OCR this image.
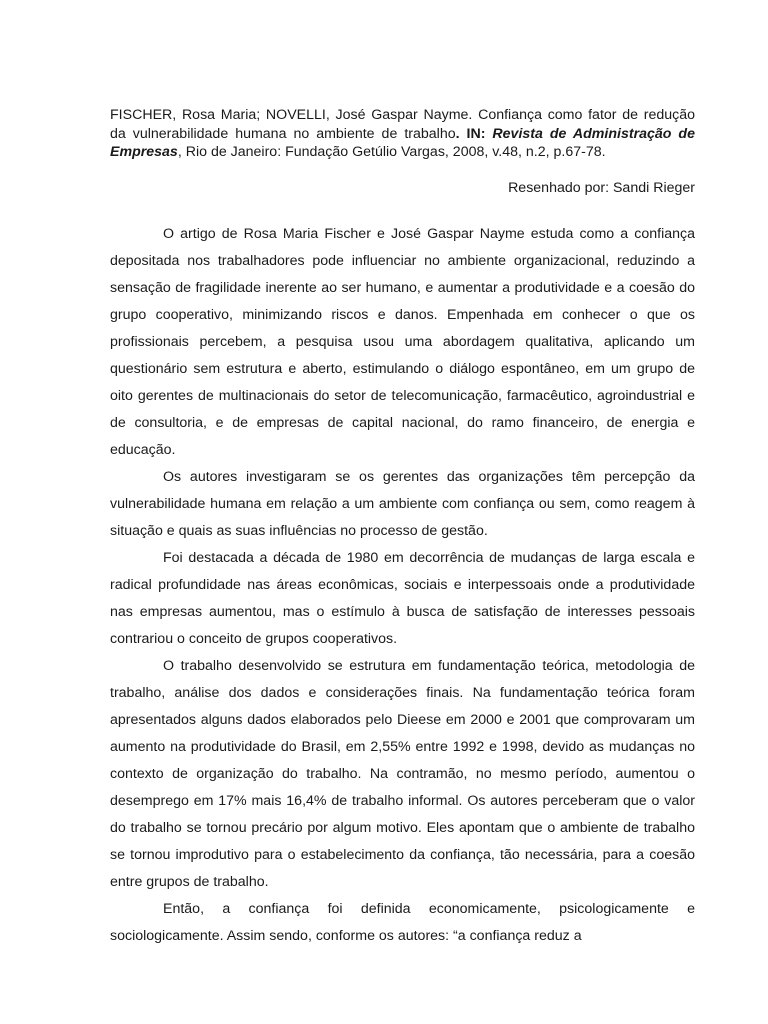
FISCHER, Rosa Maria; NOVELLI, José Gaspar Nayme. Confiança como fator de redução da vulnerabilidade humana no ambiente de trabalho. IN: Revista de Administração de Empresas, Rio de Janeiro: Fundação Getúlio Vargas, 2008, v.48, n.2, p.67-78.

Resenhado por: Sandi Rieger

O artigo de Rosa Maria Fischer e José Gaspar Nayme estuda como a confiança depositada nos trabalhadores pode influenciar no ambiente organizacional, reduzindo a sensação de fragilidade inerente ao ser humano, e aumentar a produtividade e a coesão do grupo cooperativo, minimizando riscos e danos. Empenhada em conhecer o que os profissionais percebem, a pesquisa usou uma abordagem qualitativa, aplicando um questionário sem estrutura e aberto, estimulando o diálogo espontâneo, em um grupo de oito gerentes de multinacionais do setor de telecomunicação, farmacêutico, agroindustrial e de consultoria, e de empresas de capital nacional, do ramo financeiro, de energia e educação.

Os autores investigaram se os gerentes das organizações têm percepção da vulnerabilidade humana em relação a um ambiente com confiança ou sem, como reagem à situação e quais as suas influências no processo de gestão.

Foi destacada a década de 1980 em decorrência de mudanças de larga escala e radical profundidade nas áreas econômicas, sociais e interpessoais onde a produtividade nas empresas aumentou, mas o estímulo à busca de satisfação de interesses pessoais contrariou o conceito de grupos cooperativos.

O trabalho desenvolvido se estrutura em fundamentação teórica, metodologia de trabalho, análise dos dados e considerações finais. Na fundamentação teórica foram apresentados alguns dados elaborados pelo Dieese em 2000 e 2001 que comprovaram um aumento na produtividade do Brasil, em 2,55% entre 1992 e 1998, devido as mudanças no contexto de organização do trabalho. Na contramão, no mesmo período, aumentou o desemprego em 17% mais 16,4% de trabalho informal. Os autores perceberam que o valor do trabalho se tornou precário por algum motivo. Eles apontam que o ambiente de trabalho se tornou improdutivo para o estabelecimento da confiança, tão necessária, para a coesão entre grupos de trabalho.

Então, a confiança foi definida economicamente, psicologicamente e sociologicamente. Assim sendo, conforme os autores: “a confiança reduz a
